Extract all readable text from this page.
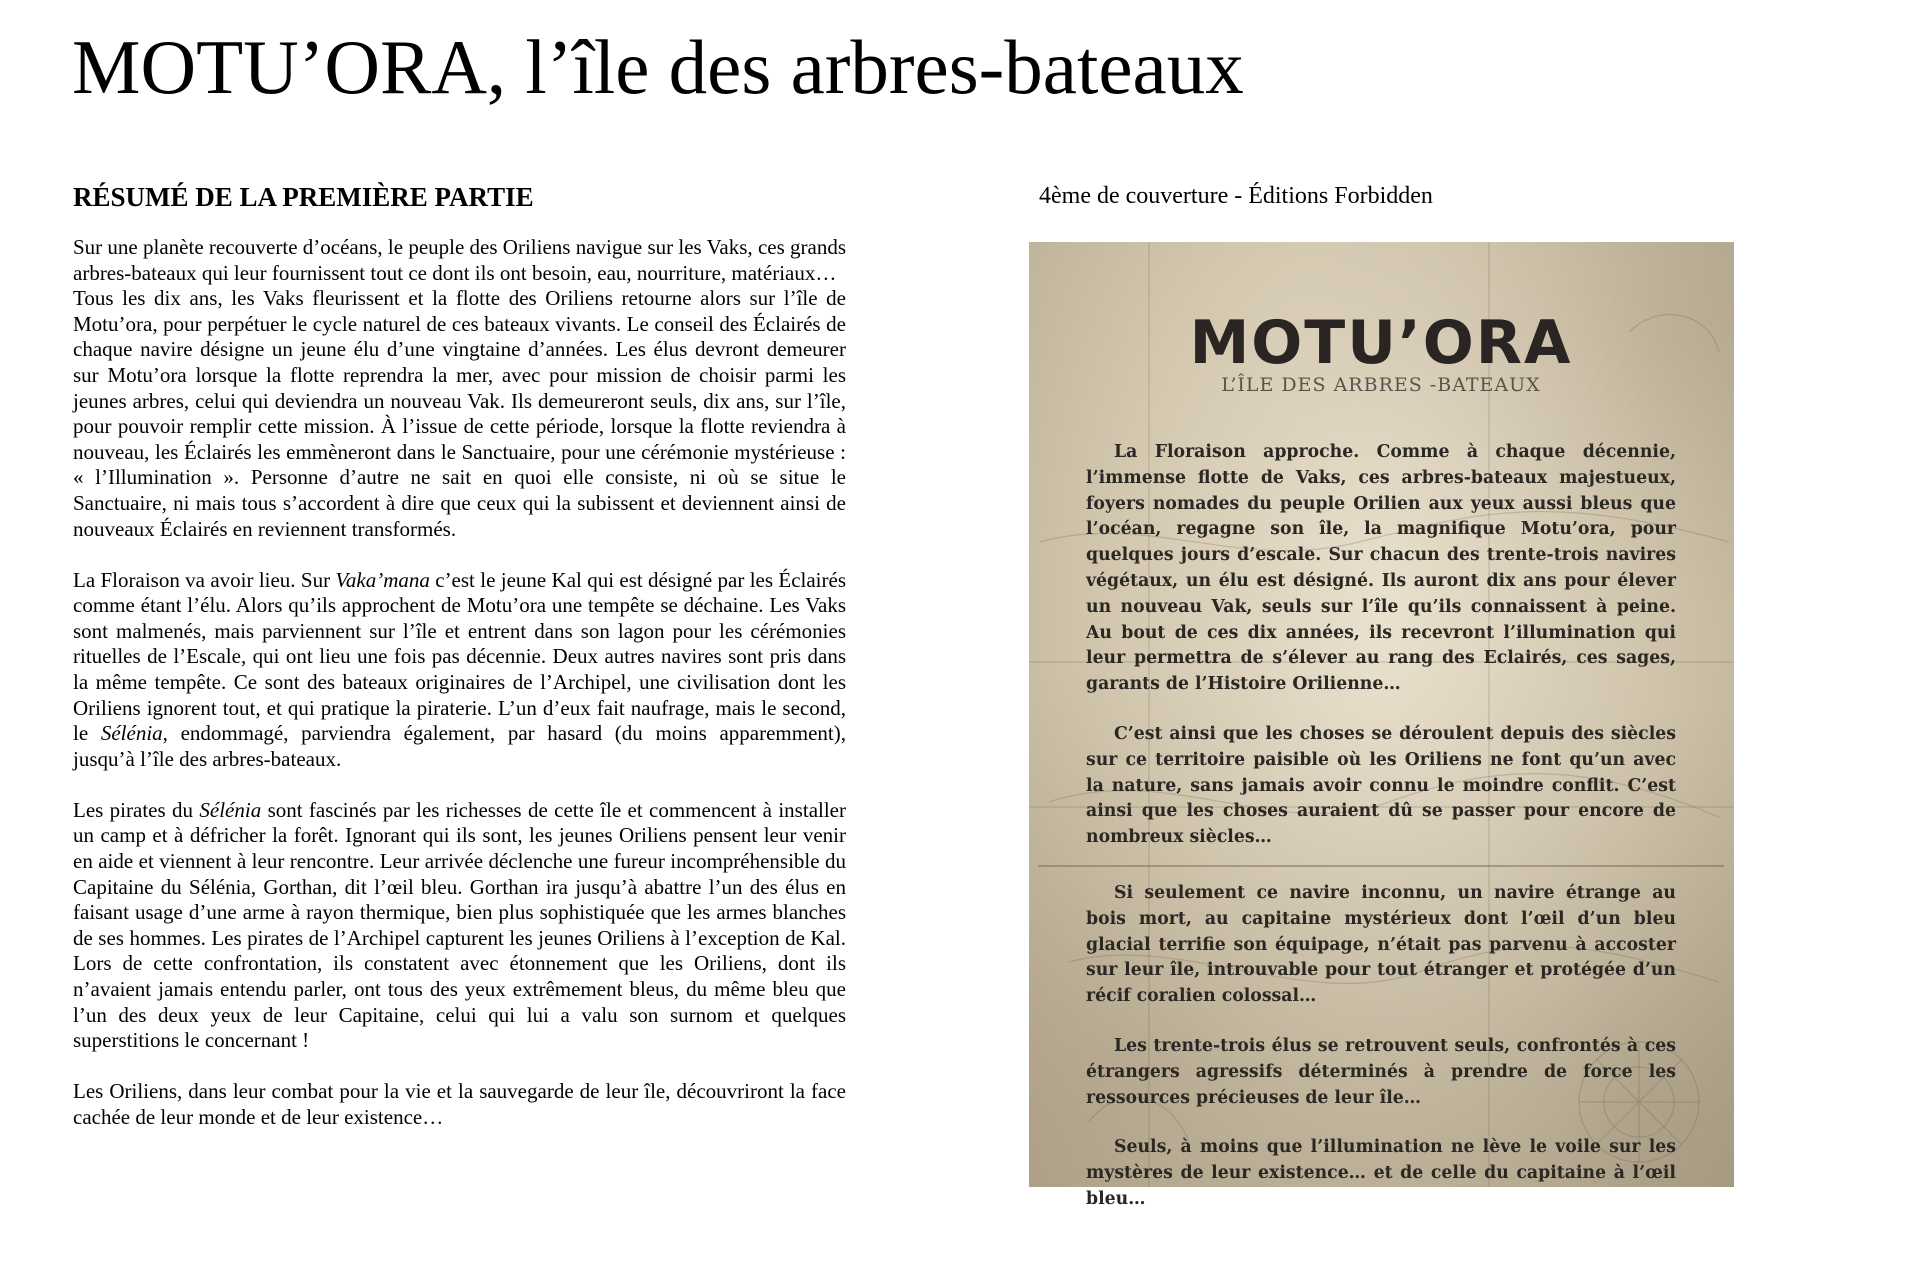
MOTU’ORA, l’île des arbres-bateaux
RÉSUMÉ DE LA PREMIÈRE PARTIE

Sur une planète recouverte d’océans, le peuple des Oriliens navigue sur les Vaks, ces grands arbres-bateaux qui leur fournissent tout ce dont ils ont besoin, eau, nourriture, matériaux…
Tous les dix ans, les Vaks fleurissent et la flotte des Oriliens retourne alors sur l’île de Motu’ora, pour perpétuer le cycle naturel de ces bateaux vivants. Le conseil des Éclairés de chaque navire désigne un jeune élu d’une vingtaine d’années. Les élus devront demeurer sur Motu’ora lorsque la flotte reprendra la mer, avec pour mission de choisir parmi les jeunes arbres, celui qui deviendra un nouveau Vak. Ils demeureront seuls, dix ans, sur l’île, pour pouvoir remplir cette mission. À l’issue de cette période, lorsque la flotte reviendra à nouveau, les Éclairés les emmèneront dans le Sanctuaire, pour une cérémonie mystérieuse : « l’Illumination ». Personne d’autre ne sait en quoi elle consiste, ni où se situe le Sanctuaire, ni mais tous s’accordent à dire que ceux qui la subissent et deviennent ainsi de nouveaux Éclairés en reviennent transformés.

La Floraison va avoir lieu. Sur Vaka’mana c’est le jeune Kal qui est désigné par les Éclairés comme étant l’élu. Alors qu’ils approchent de Motu’ora une tempête se déchaine. Les Vaks sont malmenés, mais parviennent sur l’île et entrent dans son lagon pour les cérémonies rituelles de l’Escale, qui ont lieu une fois pas décennie. Deux autres navires sont pris dans la même tempête. Ce sont des bateaux originaires de l’Archipel, une civilisation dont les Oriliens ignorent tout, et qui pratique la piraterie. L’un d’eux fait naufrage, mais le second, le Sélénia, endommagé, parviendra également, par hasard (du moins apparemment), jusqu’à l’île des arbres-bateaux.

Les pirates du Sélénia sont fascinés par les richesses de cette île et commencent à installer un camp et à défricher la forêt. Ignorant qui ils sont, les jeunes Oriliens pensent leur venir en aide et viennent à leur rencontre. Leur arrivée déclenche une fureur incompréhensible du Capitaine du Sélénia, Gorthan, dit l’œil bleu. Gorthan ira jusqu’à abattre l’un des élus en faisant usage d’une arme à rayon thermique, bien plus sophistiquée que les armes blanches de ses hommes. Les pirates de l’Archipel capturent les jeunes Oriliens à l’exception de Kal. Lors de cette confrontation, ils constatent avec étonnement que les Oriliens, dont ils n’avaient jamais entendu parler, ont tous des yeux extrêmement bleus, du même bleu que l’un des deux yeux de leur Capitaine, celui qui lui a valu son surnom et quelques superstitions le concernant !

Les Oriliens, dans leur combat pour la vie et la sauvegarde de leur île, découvriront la face cachée de leur monde et de leur existence…

4ème de couverture - Éditions Forbidden

MOTU’ORA

L’ÎLE DES ARBRES -BATEAUX

La Floraison approche. Comme à chaque décennie, l’immense flotte de Vaks, ces arbres-bateaux majestueux, foyers nomades du peuple Orilien aux yeux aussi bleus que l’océan, regagne son île, la magnifique Motu’ora, pour quelques jours d’escale. Sur chacun des trente-trois navires végétaux, un élu est désigné. Ils auront dix ans pour élever un nouveau Vak, seuls sur l’île qu’ils connaissent à peine. Au bout de ces dix années, ils recevront l’illumination qui leur permettra de s’élever au rang des Eclairés, ces sages, garants de l’Histoire Orilienne…

C’est ainsi que les choses se déroulent depuis des siècles sur ce territoire paisible où les Oriliens ne font qu’un avec la nature, sans jamais avoir connu le moindre conflit. C’est ainsi que les choses auraient dû se passer pour encore de nombreux siècles…

Si seulement ce navire inconnu, un navire étrange au bois mort, au capitaine mystérieux dont l’œil d’un bleu glacial terrifie son équipage, n’était pas parvenu à accoster sur leur île, introuvable pour tout étranger et protégée d’un récif coralien colossal…

Les trente-trois élus se retrouvent seuls, confrontés à ces étrangers agressifs déterminés à prendre de force les ressources précieuses de leur île…

Seuls, à moins que l’illumination ne lève le voile sur les mystères de leur existence… et de celle du capitaine à l’œil bleu…
